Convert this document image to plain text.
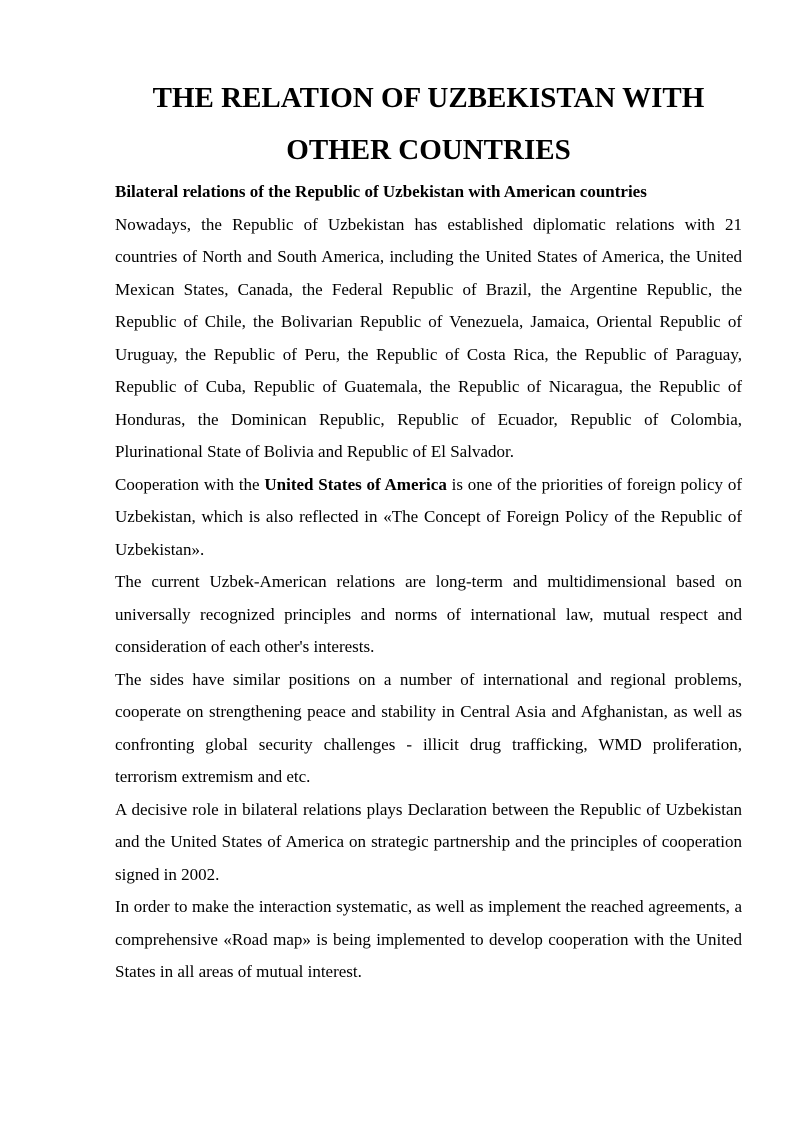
THE RELATION OF UZBEKISTAN WITH
OTHER COUNTRIES
Bilateral relations of the Republic of Uzbekistan with American countries

Nowadays, the Republic of Uzbekistan has established diplomatic relations with 21 countries of North and South America, including the United States of America, the United Mexican States, Canada, the Federal Republic of Brazil, the Argentine Republic, the Republic of Chile, the Bolivarian Republic of Venezuela, Jamaica, Oriental Republic of Uruguay, the Republic of Peru, the Republic of Costa Rica, the Republic of Paraguay, Republic of Cuba, Republic of Guatemala, the Republic of Nicaragua, the Republic of Honduras, the Dominican Republic, Republic of Ecuador, Republic of Colombia, Plurinational State of Bolivia and Republic of El Salvador.

Cooperation with the United States of America is one of the priorities of foreign policy of Uzbekistan, which is also reflected in «The Concept of Foreign Policy of the Republic of Uzbekistan».

The current Uzbek-American relations are long-term and multidimensional based on universally recognized principles and norms of international law, mutual respect and consideration of each other's interests.

The sides have similar positions on a number of international and regional problems, cooperate on strengthening peace and stability in Central Asia and Afghanistan, as well as confronting global security challenges - illicit drug trafficking, WMD proliferation, terrorism extremism and etc.

A decisive role in bilateral relations plays Declaration between the Republic of Uzbekistan and the United States of America on strategic partnership and the principles of cooperation signed in 2002.

In order to make the interaction systematic, as well as implement the reached agreements, a comprehensive «Road map» is being implemented to develop cooperation with the United States in all areas of mutual interest.
